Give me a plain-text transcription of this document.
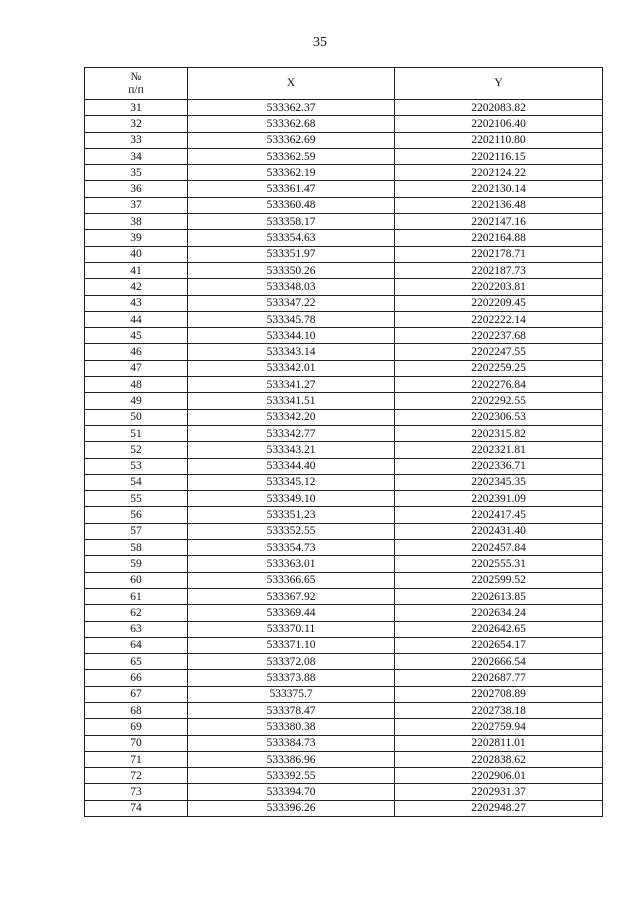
35
№
п/п	X	Y
31	533362.37	2202083.82
32	533362.68	2202106.40
33	533362.69	2202110.80
34	533362.59	2202116.15
35	533362.19	2202124.22
36	533361.47	2202130.14
37	533360.48	2202136.48
38	533358.17	2202147.16
39	533354.63	2202164.88
40	533351.97	2202178.71
41	533350.26	2202187.73
42	533348.03	2202203.81
43	533347.22	2202209.45
44	533345.78	2202222.14
45	533344.10	2202237.68
46	533343.14	2202247.55
47	533342.01	2202259.25
48	533341.27	2202276.84
49	533341.51	2202292.55
50	533342.20	2202306.53
51	533342.77	2202315.82
52	533343.21	2202321.81
53	533344.40	2202336.71
54	533345.12	2202345.35
55	533349.10	2202391.09
56	533351.23	2202417.45
57	533352.55	2202431.40
58	533354.73	2202457.84
59	533363.01	2202555.31
60	533366.65	2202599.52
61	533367.92	2202613.85
62	533369.44	2202634.24
63	533370.11	2202642.65
64	533371.10	2202654.17
65	533372.08	2202666.54
66	533373.88	2202687.77
67	533375.7	2202708.89
68	533378.47	2202738.18
69	533380.38	2202759.94
70	533384.73	2202811.01
71	533386.96	2202838.62
72	533392.55	2202906.01
73	533394.70	2202931.37
74	533396.26	2202948.27
